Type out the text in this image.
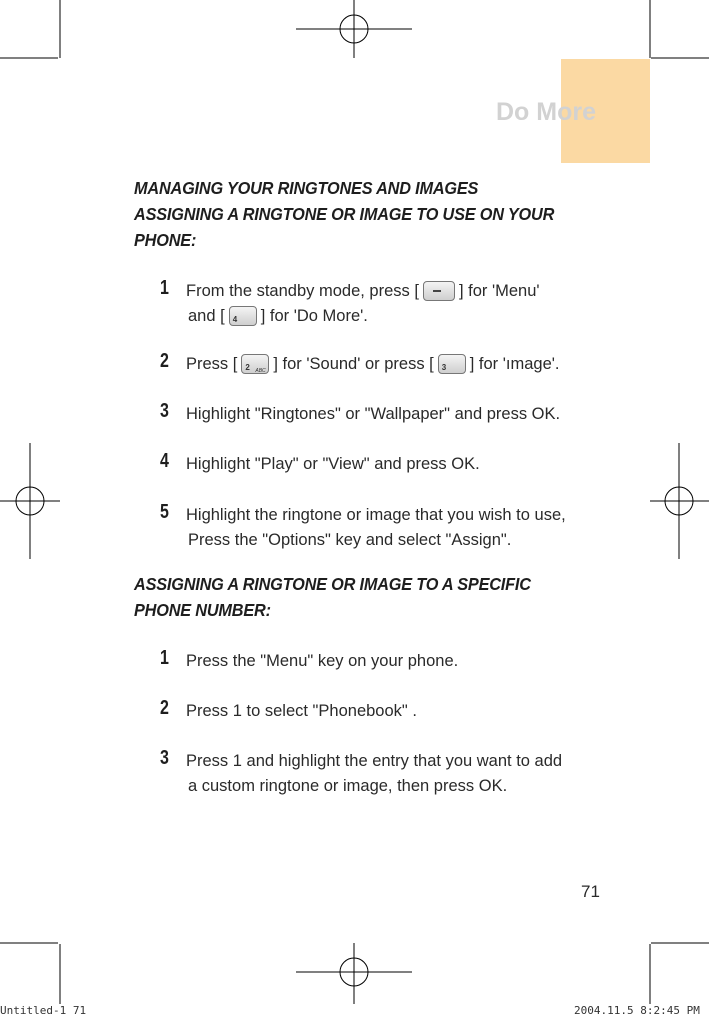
Do More
MANAGING YOUR RINGTONES AND IMAGES
ASSIGNING A RINGTONE OR IMAGE TO USE ON YOUR
PHONE:
1 From the standby mode, press [ ] for 'Menu'
and [ 4 ] for 'Do More'.
2 Press [ 2 ABC ] for 'Sound' or press [ 3 ] for 'ımage'.
3 Highlight "Ringtones" or "Wallpaper" and press OK.
4 Highlight "Play" or "View" and press OK.
5 Highlight the ringtone or image that you wish to use,
Press the "Options" key and select "Assign".
ASSIGNING A RINGTONE OR IMAGE TO A SPECIFIC
PHONE NUMBER:
1 Press the "Menu" key on your phone.
2 Press 1 to select "Phonebook" .
3 Press 1 and highlight the entry that you want to add
a custom ringtone or image, then press OK.
71
Untitled-1 71	2004.11.5 8:2:45 PM
